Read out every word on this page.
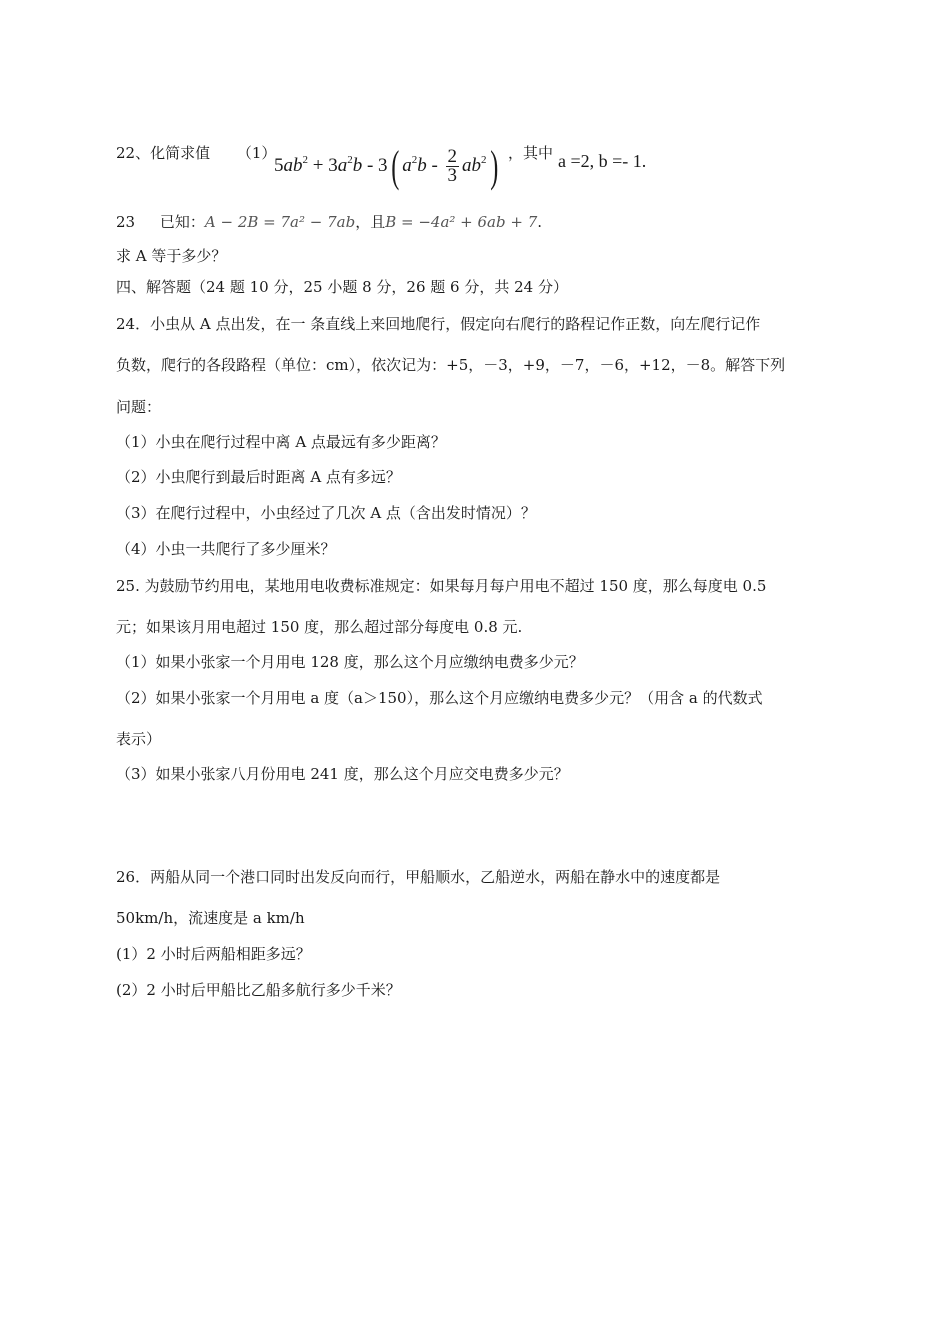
22、化简求值 （1）
$5ab^2 + 3a^2b - 3$( $a^2b - \frac{2}{3} ab^2$) ，其中 a =2, b =- 1.
23 已知：A − 2B = 7a² − 7ab，且B = −4a² + 6ab + 7.
求 A 等于多少？
四、解答题（24 题 10 分，25 小题 8 分，26 题 6 分，共 24 分）
24．小虫从 A 点出发，在一 条直线上来回地爬行，假定向右爬行的路程记作正数，向左爬行记作
负数，爬行的各段路程（单位：cm），依次记为：+5，－3，+9，－7，－6，+12，－8。解答下列
问题：
（1）小虫在爬行过程中离 A 点最远有多少距离？
（2）小虫爬行到最后时距离 A 点有多远？
（3）在爬行过程中，小虫经过了几次 A 点（含出发时情况）？
（4）小虫一共爬行了多少厘米？
25. 为鼓励节约用电，某地用电收费标准规定：如果每月每户用电不超过 150 度，那么每度电 0.5
元；如果该月用电超过 150 度，那么超过部分每度电 0.8 元.
（1）如果小张家一个月用电 128 度，那么这个月应缴纳电费多少元？
（2）如果小张家一个月用电 a 度（a＞150），那么这个月应缴纳电费多少元？（用含 a 的代数式
表示）
（3）如果小张家八月份用电 241 度，那么这个月应交电费多少元？
26．两船从同一个港口同时出发反向而行，甲船顺水，乙船逆水，两船在静水中的速度都是
50km/h，流速度是 a km/h
(1）2 小时后两船相距多远？
(2）2 小时后甲船比乙船多航行多少千米？
